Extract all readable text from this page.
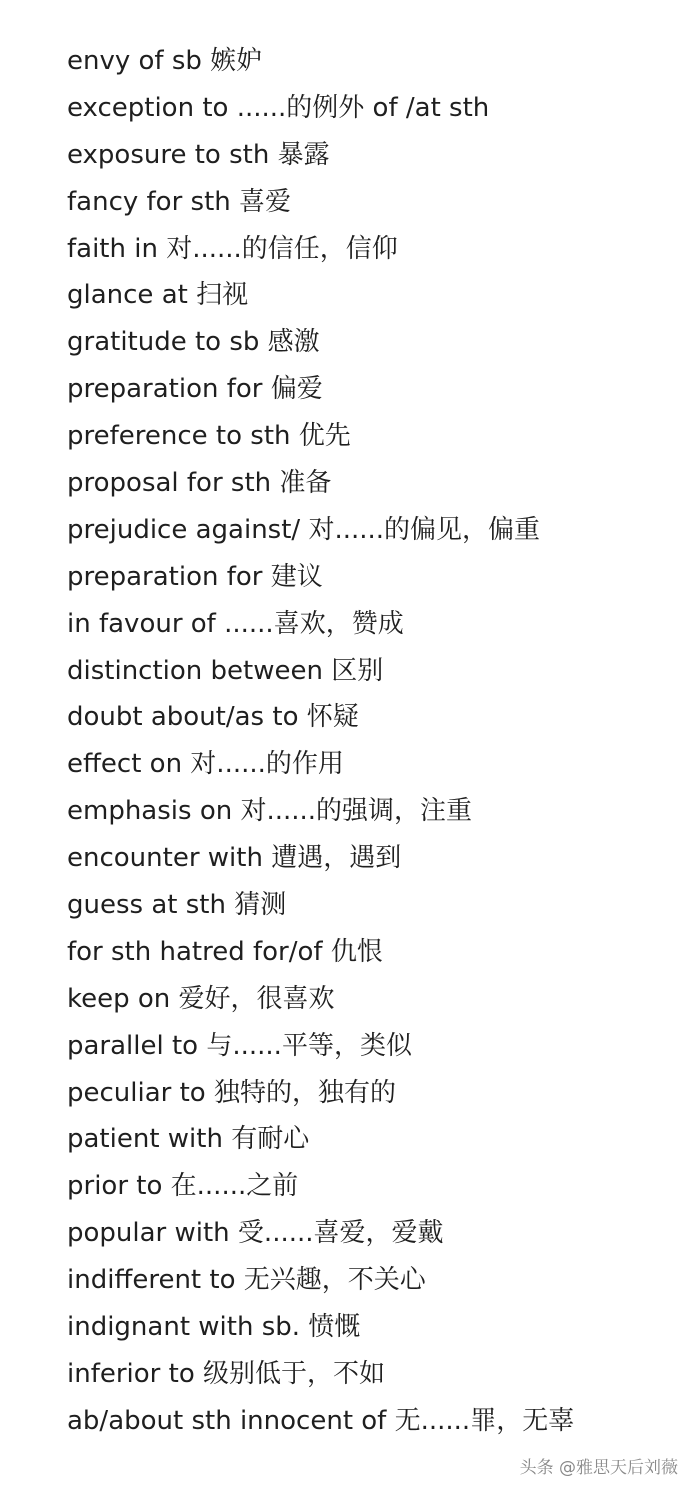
envy of sb 嫉妒
exception to ......的例外 of /at sth
exposure to sth 暴露
fancy for sth 喜爱
faith in 对......的信任，信仰
glance at 扫视
gratitude to sb 感激
preparation for 偏爱
preference to sth 优先
proposal for sth 准备
prejudice against/ 对......的偏见，偏重
preparation for 建议
in favour of ......喜欢，赞成
distinction between 区别
doubt about/as to 怀疑
effect on 对......的作用
emphasis on 对......的强调，注重
encounter with 遭遇，遇到
guess at sth 猜测
for sth hatred for/of 仇恨
keep on 爱好，很喜欢
parallel to 与......平等，类似
peculiar to 独特的，独有的
patient with 有耐心
prior to 在......之前
popular with 受......喜爱，爱戴
indifferent to 无兴趣，不关心
indignant with sb. 愤慨
inferior to 级别低于，不如
ab/about sth innocent of 无......罪，无辜
头条 @雅思天后刘薇
